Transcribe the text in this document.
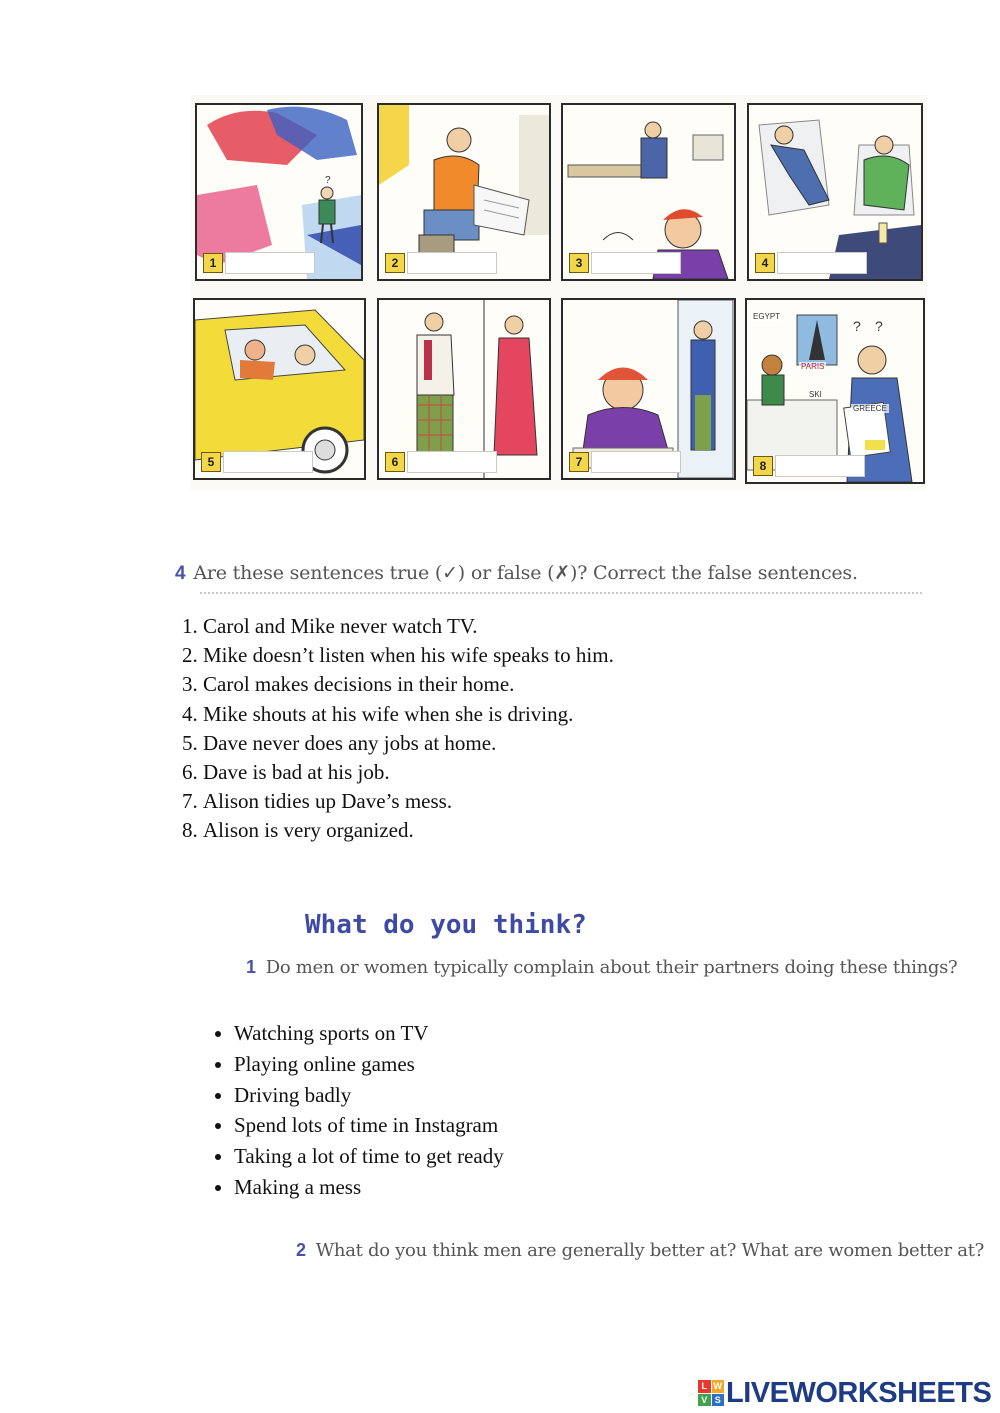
?
1	2	3	4
5	6	7
EGYPT
PARIS
SKI
GREECE
? ?
8
4 Are these sentences true (✓) or false (✗)? Correct the false sentences.
1. Carol and Mike never watch TV.
2. Mike doesn’t listen when his wife speaks to him.
3. Carol makes decisions in their home.
4. Mike shouts at his wife when she is driving.
5. Dave never does any jobs at home.
6. Dave is bad at his job.
7. Alison tidies up Dave’s mess.
8. Alison is very organized.
What do you think?
1 Do men or women typically complain about their partners doing these things?
• Watching sports on TV
• Playing online games
• Driving badly
• Spend lots of time in Instagram
• Taking a lot of time to get ready
• Making a mess
2 What do you think men are generally better at? What are women better at?
L W
V S LIVEWORKSHEETS
